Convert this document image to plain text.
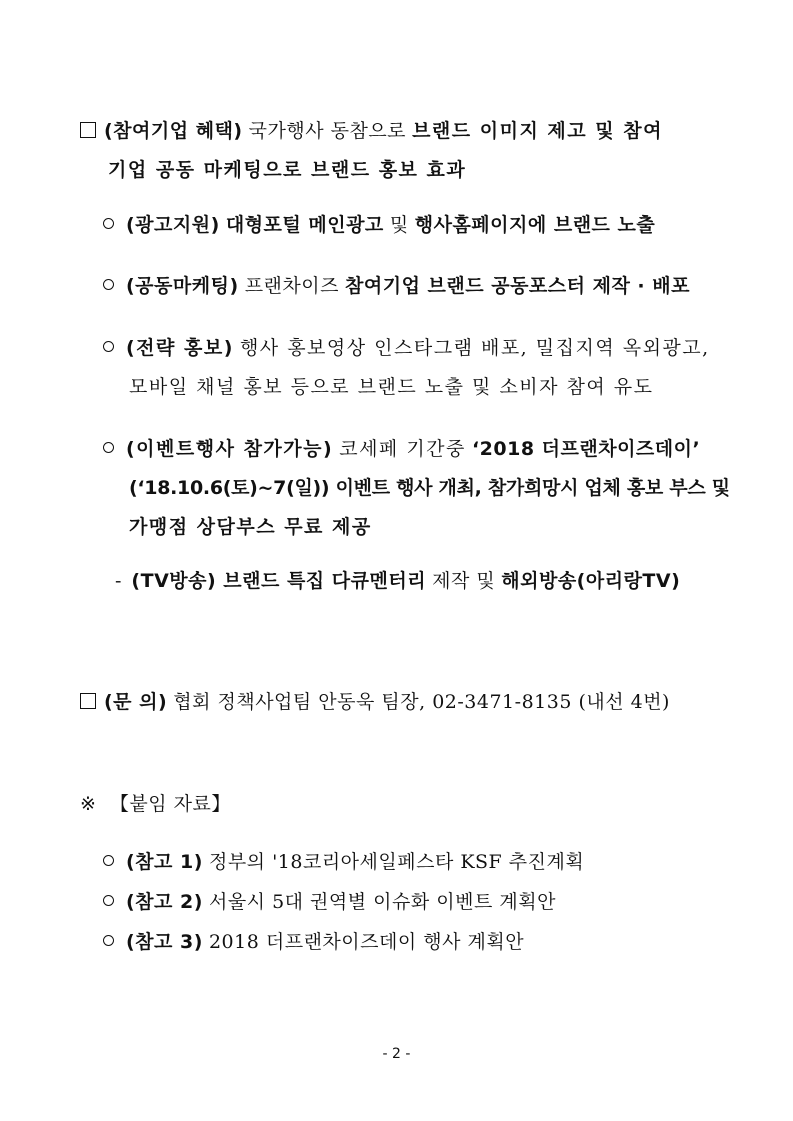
(참여기업 혜택) 국가행사 동참으로 브랜드 이미지 제고 및 참여
기업 공동 마케팅으로 브랜드 홍보 효과
(광고지원) 대형포털 메인광고 및 행사홈페이지에 브랜드 노출
(공동마케팅) 프랜차이즈 참여기업 브랜드 공동포스터 제작 · 배포
(전략 홍보) 행사 홍보영상 인스타그램 배포, 밀집지역 옥외광고,
모바일 채널 홍보 등으로 브랜드 노출 및 소비자 참여 유도
(이벤트행사 참가가능) 코세페 기간중 ‘2018 더프랜차이즈데이’
(‘18.10.6(토)~7(일)) 이벤트 행사 개최, 참가희망시 업체 홍보 부스 및
가맹점 상담부스 무료 제공
- (TV방송) 브랜드 특집 다큐멘터리 제작 및 해외방송(아리랑TV)
(문 의) 협회 정책사업팀 안동욱 팀장, 02-3471-8135 (내선 4번)
※ 【붙임 자료】
(참고 1) 정부의 '18코리아세일페스타 KSF 추진계획
(참고 2) 서울시 5대 권역별 이슈화 이벤트 계획안
(참고 3) 2018 더프랜차이즈데이 행사 계획안
- 2 -
